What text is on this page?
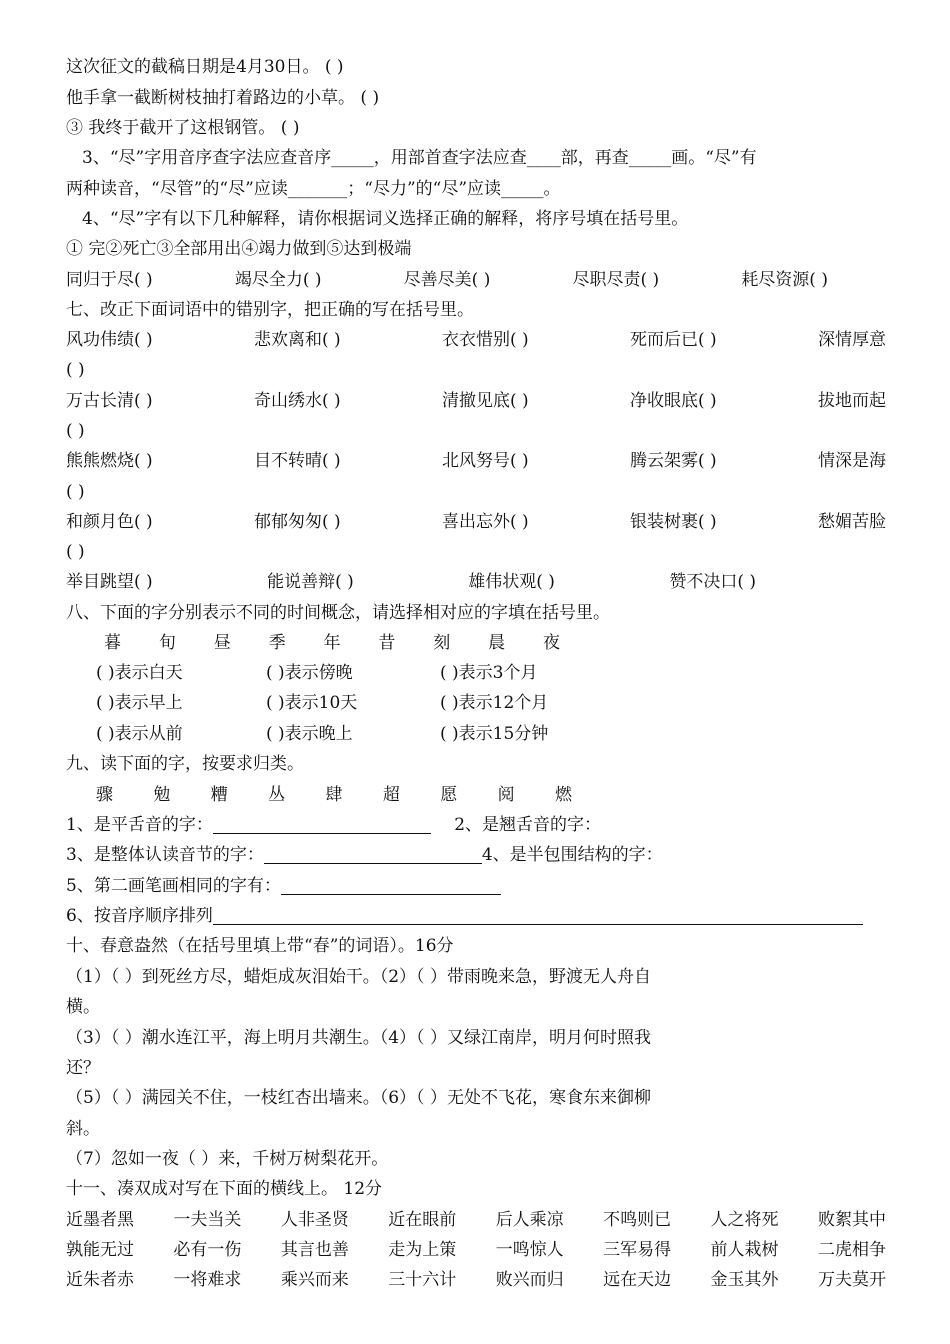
这次征文的截稿日期是4月30日。 ( )
他手拿一截断树枝抽打着路边的小草。 ( )
③ 我终于截开了这根钢管。 ( )
3、“尽”字用音序查字法应查音序_____，用部首查字法应查____部，再查_____画。“尽”有
两种读音，“尽管”的“尽”应读_______；“尽力”的“尽”应读_____。
4、“尽”字有以下几种解释，请你根据词义选择正确的解释，将序号填在括号里。
① 完②死亡③全部用出④竭力做到⑤达到极端
同归于尽( )	竭尽全力( )	尽善尽美( )	尽职尽责( )	耗尽资源( )
七、改正下面词语中的错别字，把正确的写在括号里。
风功伟绩( )	悲欢离和( )	衣衣惜别( )	死而后已( )	深情厚意
( )
万古长清( )	奇山绣水( )	清撤见底( )	净收眼底( )	拔地而起
( )
熊熊燃烧( )	目不转晴( )	北风努号( )	腾云架雾( )	情深是海
( )
和颜月色( )	郁郁匆匆( )	喜出忘外( )	银装树裹( )	愁媚苦脸
( )
举目跳望( )	能说善辩( )	雄伟状观( )	赞不决口( )
八、下面的字分别表示不同的时间概念，请选择相对应的字填在括号里。
暮 旬 昼 季 年 昔 刻 晨 夜
( )表示白天	( )表示傍晚	( )表示3个月
( )表示早上	( )表示10天	( )表示12个月
( )表示从前	( )表示晚上	( )表示15分钟
九、读下面的字，按要求归类。
骤 勉 糟 丛 肆 超 愿 阅 燃
1、是平舌音的字：	2、是翘舌音的字：
3、是整体认读音节的字：	4、是半包围结构的字：
5、第二画笔画相同的字有：
6、按音序顺序排列
十、春意盎然（在括号里填上带“春”的词语）。16分
（1）（ ）到死丝方尽，蜡炬成灰泪始干。（2）（ ）带雨晚来急，野渡无人舟自
横。
（3）（ ）潮水连江平，海上明月共潮生。（4）（ ）又绿江南岸，明月何时照我
还？
（5）（ ）满园关不住，一枝红杏出墙来。（6）（ ）无处不飞花，寒食东来御柳
斜。
（7）忽如一夜（ ）来，千树万树梨花开。
十一、凑双成对写在下面的横线上。 12分
近墨者黑 一夫当关 人非圣贤 近在眼前 后人乘凉 不鸣则已 人之将死 败絮其中
孰能无过 必有一伤 其言也善 走为上策 一鸣惊人 三军易得 前人栽树 二虎相争
近朱者赤 一将难求 乘兴而来 三十六计 败兴而归 远在天边 金玉其外 万夫莫开
